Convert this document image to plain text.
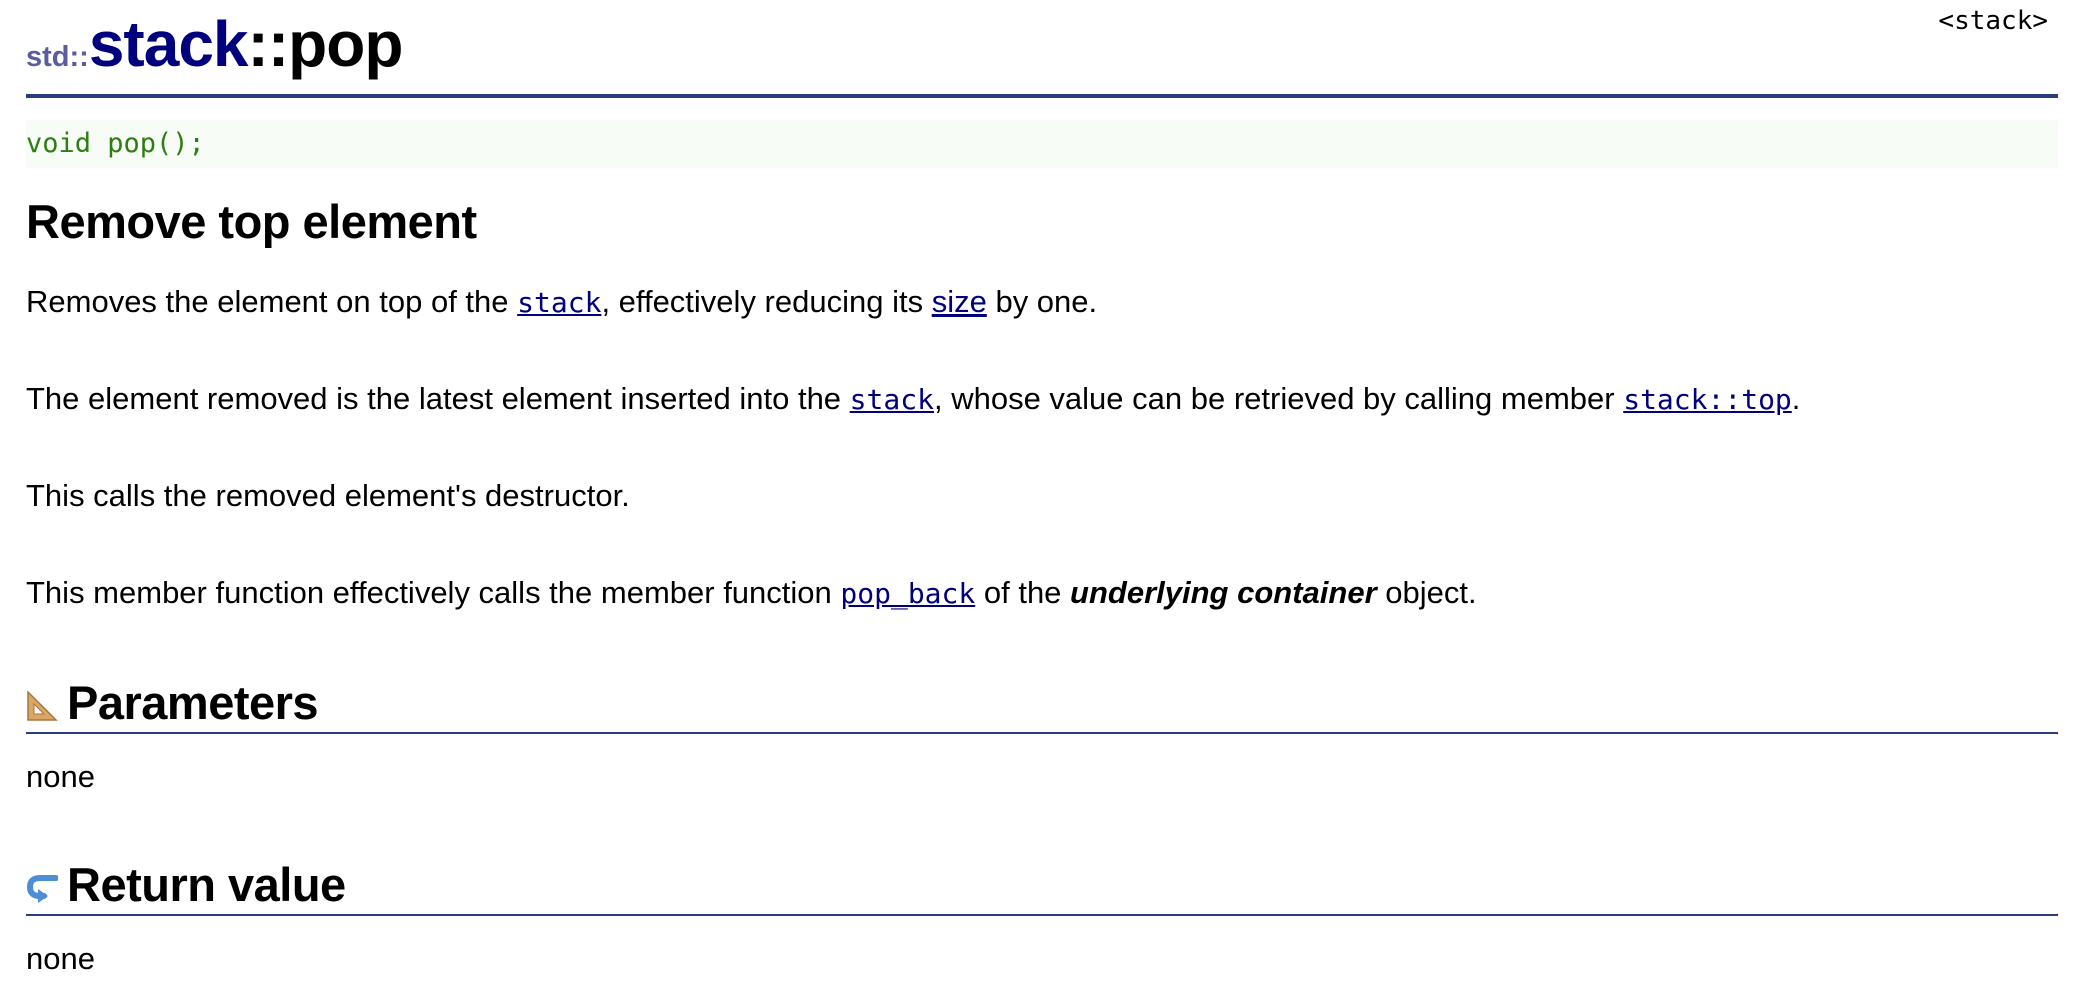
<stack>
std::stack::pop
void pop();
Remove top element

Removes the element on top of the stack, effectively reducing its size by one.

The element removed is the latest element inserted into the stack, whose value can be retrieved by calling member stack::top.

This calls the removed element's destructor.

This member function effectively calls the member function pop_back of the underlying container object.

Parameters
none
Return value
none
